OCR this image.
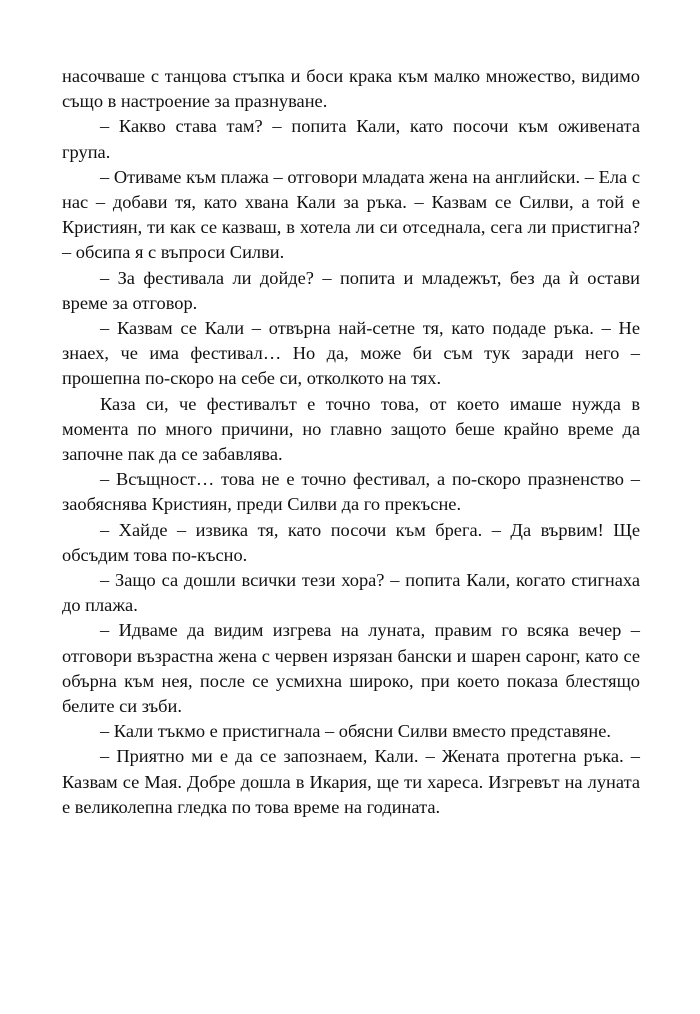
насочваше с танцова стъпка и боси крака към малко множество, видимо също в настроение за празнуване.

– Какво става там? – попита Кали, като посочи към оживената група.

– Отиваме към плажа – отговори младата жена на английски. – Ела с нас – добави тя, като хвана Кали за ръка. – Казвам се Силви, а той е Кристиян, ти как се казваш, в хотела ли си отседнала, сега ли пристигна? – обсипа я с въпроси Силви.

– За фестивала ли дойде? – попита и младежът, без да ѝ остави време за отговор.

– Казвам се Кали – отвърна най-сетне тя, като подаде ръка. – Не знаех, че има фестивал… Но да, може би съм тук заради него – прошепна по-скоро на себе си, отколкото на тях.

Каза си, че фестивалът е точно това, от което имаше нужда в момента по много причини, но главно защото беше крайно време да започне пак да се забавлява.

– Всъщност… това не е точно фестивал, а по-скоро празненство – заобяснява Кристиян, преди Силви да го прекъсне.

– Хайде – извика тя, като посочи към брега. – Да вървим! Ще обсъдим това по-късно.

– Защо са дошли всички тези хора? – попита Кали, когато стигнаха до плажа.

– Идваме да видим изгрева на луната, правим го всяка вечер – отговори възрастна жена с червен изрязан бански и шарен саронг, като се обърна към нея, после се усмихна широко, при което показа блестящо белите си зъби.

– Кали тъкмо е пристигнала – обясни Силви вместо представяне.

– Приятно ми е да се запознаем, Кали. – Жената протегна ръка. – Казвам се Мая. Добре дошла в Икария, ще ти хареса. Изгревът на луната е великолепна гледка по това време на годината.
